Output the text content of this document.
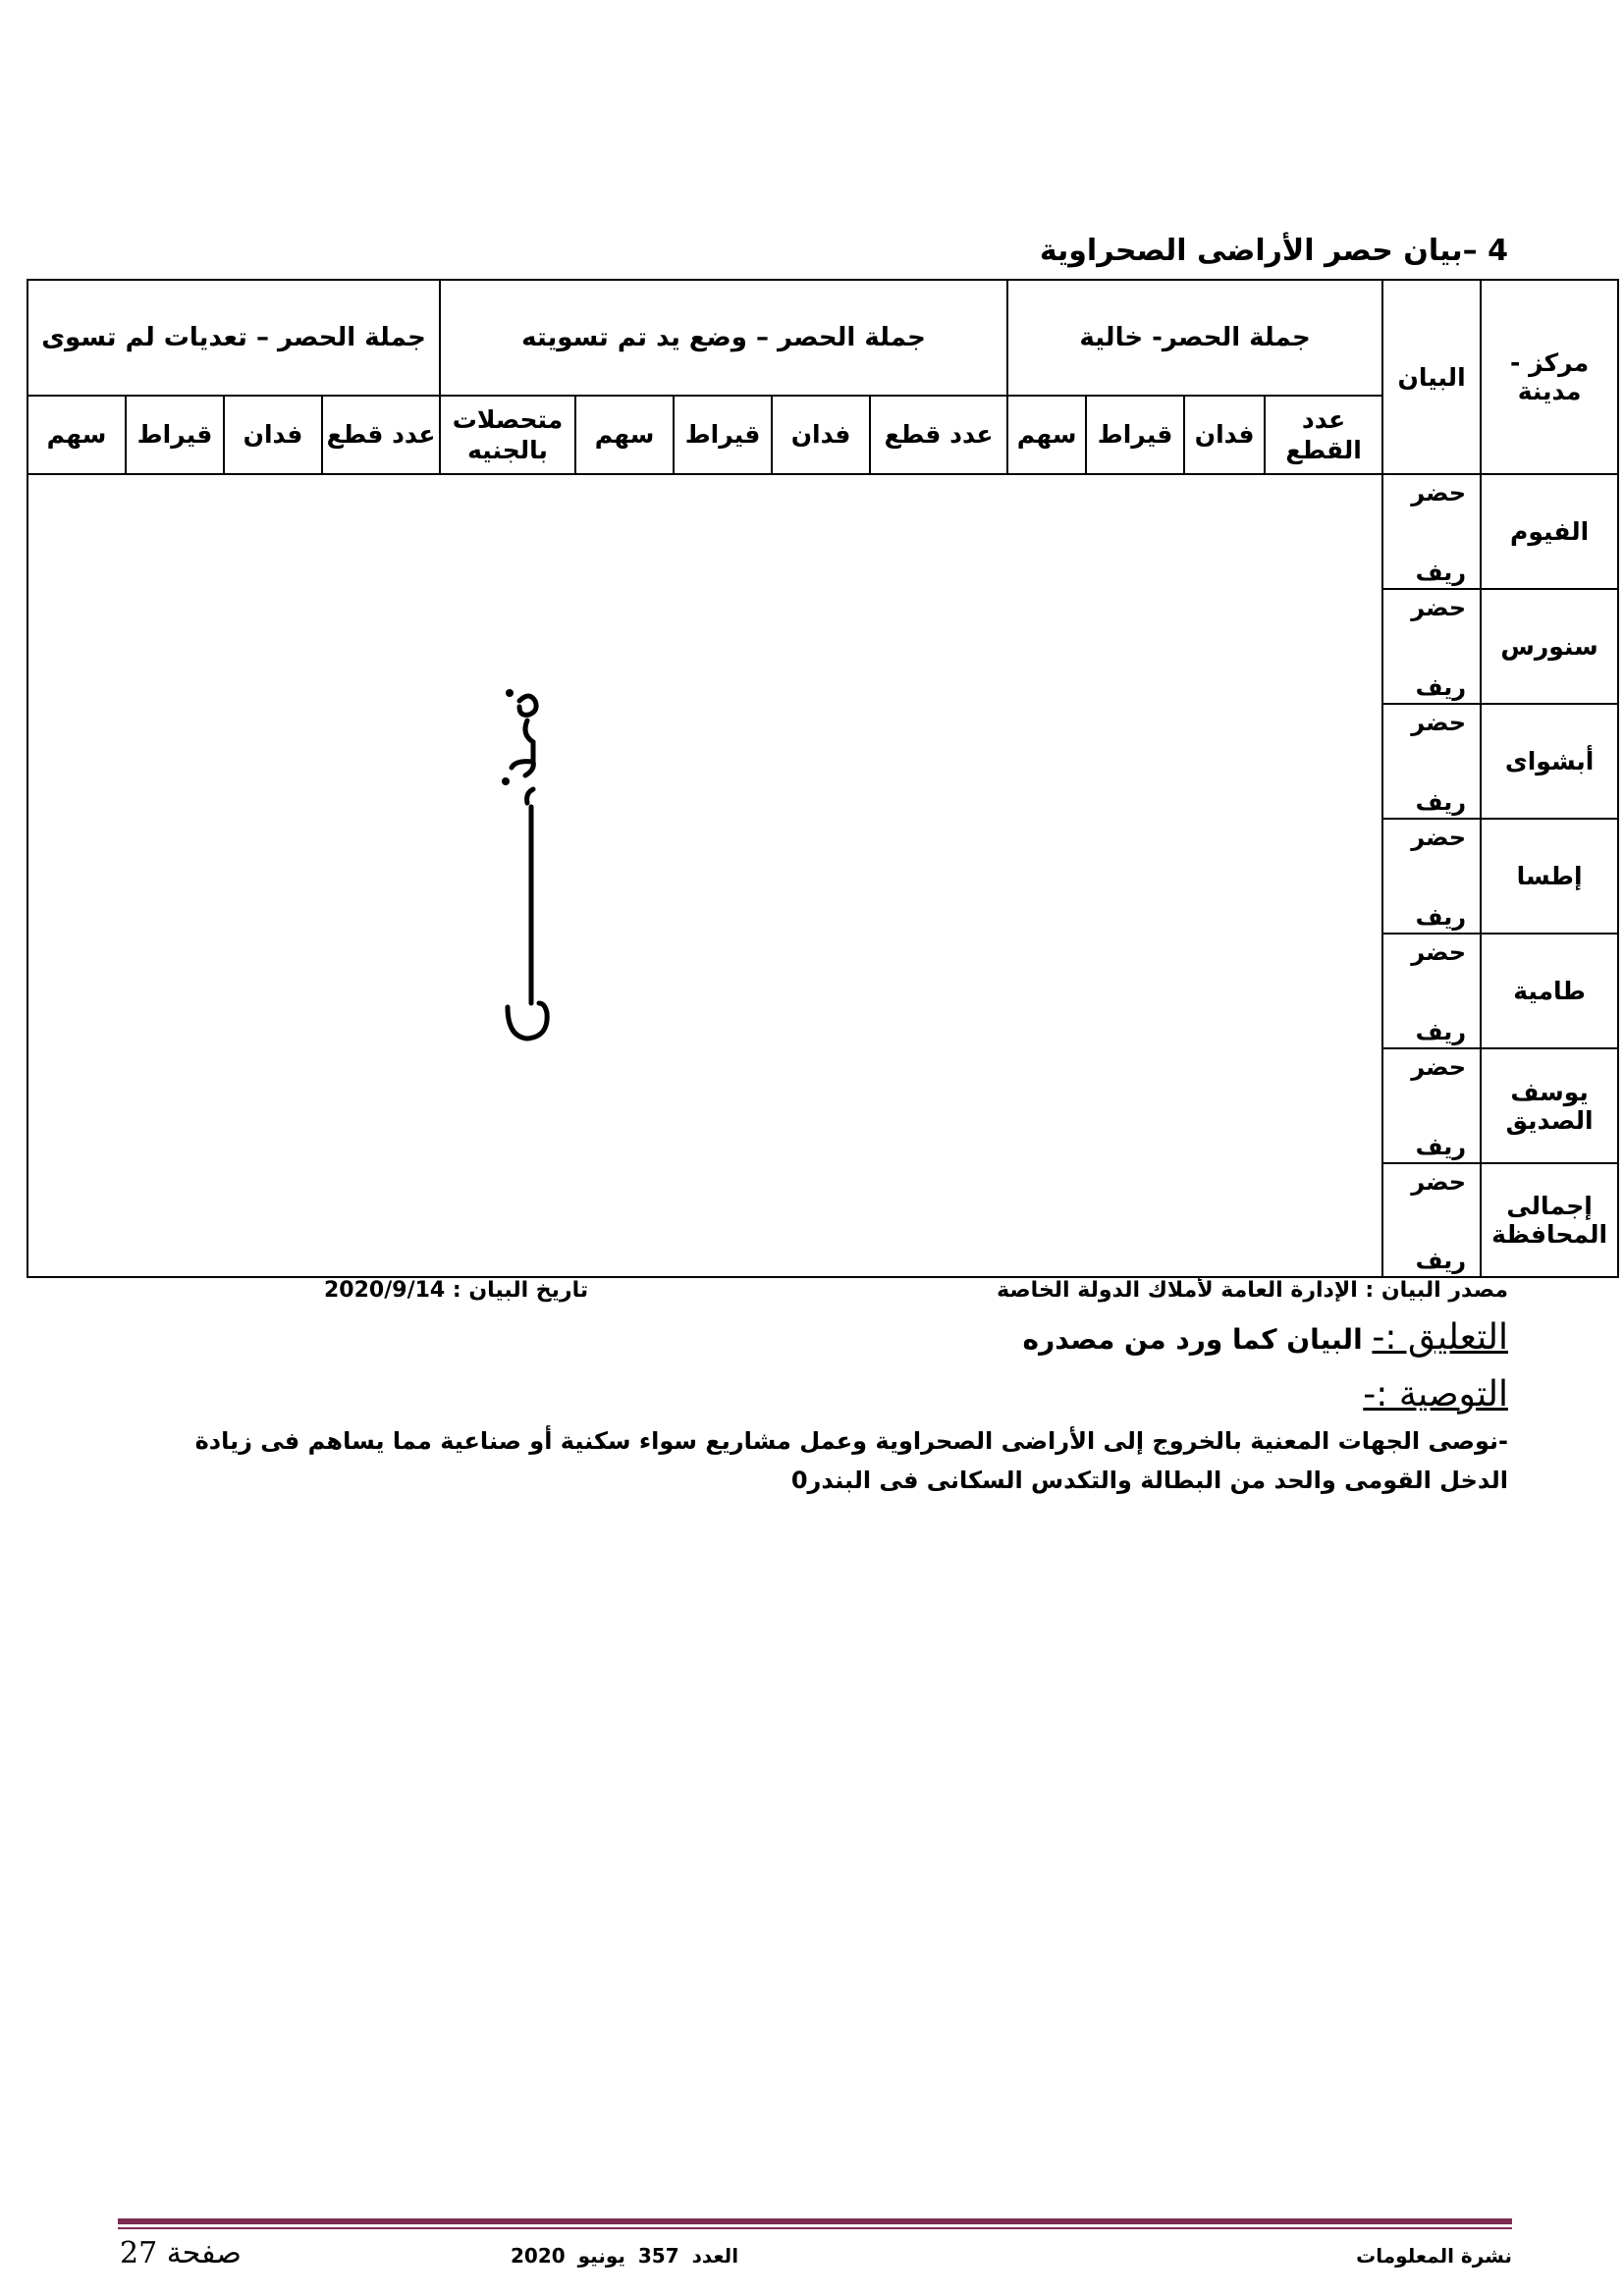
4 –بيان حصر الأراضى الصحراوية
مركز - مدينة	البيان	جملة الحصر- خالية				جملة الحصر – وضع يد تم تسويته					جملة الحصر – تعديات لم تسوى			
		عدد القطع	فدان	قيراط	سهم	عدد قطع	فدان	قيراط	سهم	متحصلات بالجنيه	عدد قطع	فدان	قيراط	سهم
الفيوم	حضر
ريف

سنورس	حضر
ريف													

أبشواى	حضر
ريف													

إطسا	حضر
ريف													

طامية	حضر
ريف													

يوسف الصديق	حضر
ريف													

إجمالى المحافظة	حضر
ريف													
مصدر البيان : الإدارة العامة لأملاك الدولة الخاصة
تاريخ البيان : 2020/9/14
التعليق :- البيان كما ورد من مصدره
التوصية :-
-نوصى الجهات المعنية بالخروج إلى الأراضى الصحراوية وعمل مشاريع سواء سكنية أو صناعية مما يساهم فى زيادة الدخل القومى والحد من البطالة والتكدس السكانى فى البندر0
نشرة المعلومات
العدد 357 يونيو 2020
صفحة 27
